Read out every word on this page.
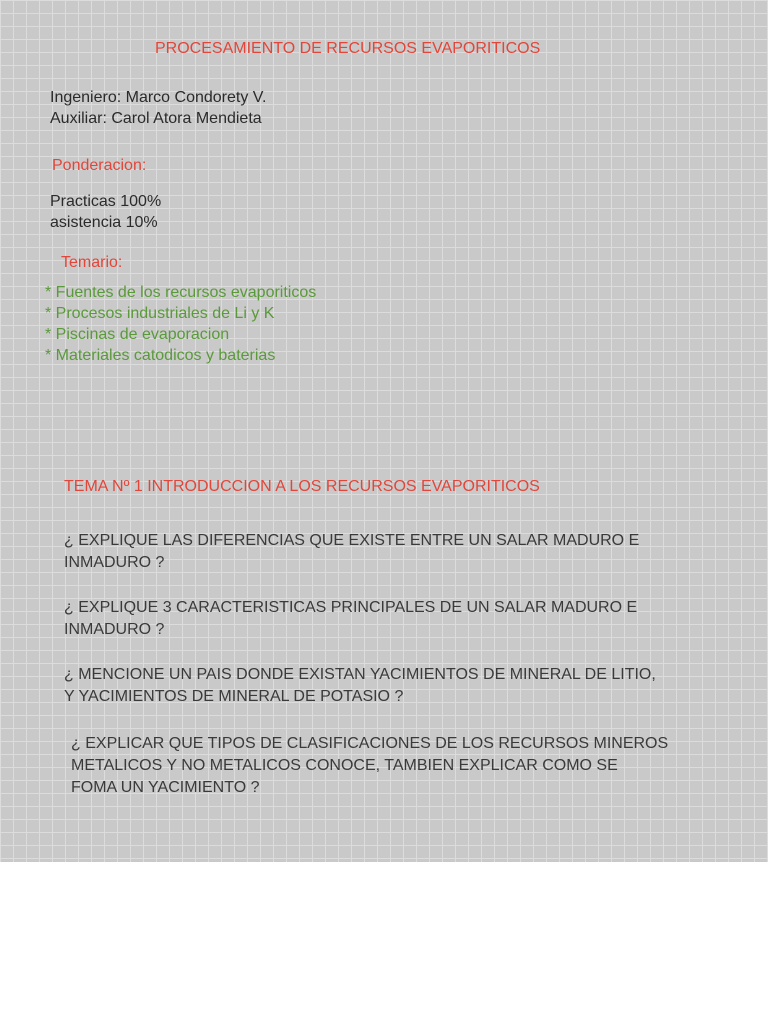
PROCESAMIENTO DE RECURSOS EVAPORITICOS
Ingeniero: Marco Condorety V.
Auxiliar: Carol Atora Mendieta
Ponderacion:
Practicas 100%
asistencia 10%
Temario:
* Fuentes de los recursos evaporiticos
* Procesos industriales de Li y K
* Piscinas de evaporacion
* Materiales catodicos y baterias
TEMA Nº 1 INTRODUCCION A LOS RECURSOS EVAPORITICOS
¿ EXPLIQUE LAS DIFERENCIAS QUE EXISTE ENTRE UN SALAR MADURO E
INMADURO ?
¿ EXPLIQUE 3 CARACTERISTICAS PRINCIPALES DE UN SALAR MADURO E
INMADURO ?
¿ MENCIONE UN PAIS DONDE EXISTAN YACIMIENTOS DE MINERAL DE LITIO,
Y YACIMIENTOS DE MINERAL DE POTASIO ?
¿ EXPLICAR QUE TIPOS DE CLASIFICACIONES DE LOS RECURSOS MINEROS
METALICOS Y NO METALICOS CONOCE, TAMBIEN EXPLICAR COMO SE
FOMA UN YACIMIENTO ?
